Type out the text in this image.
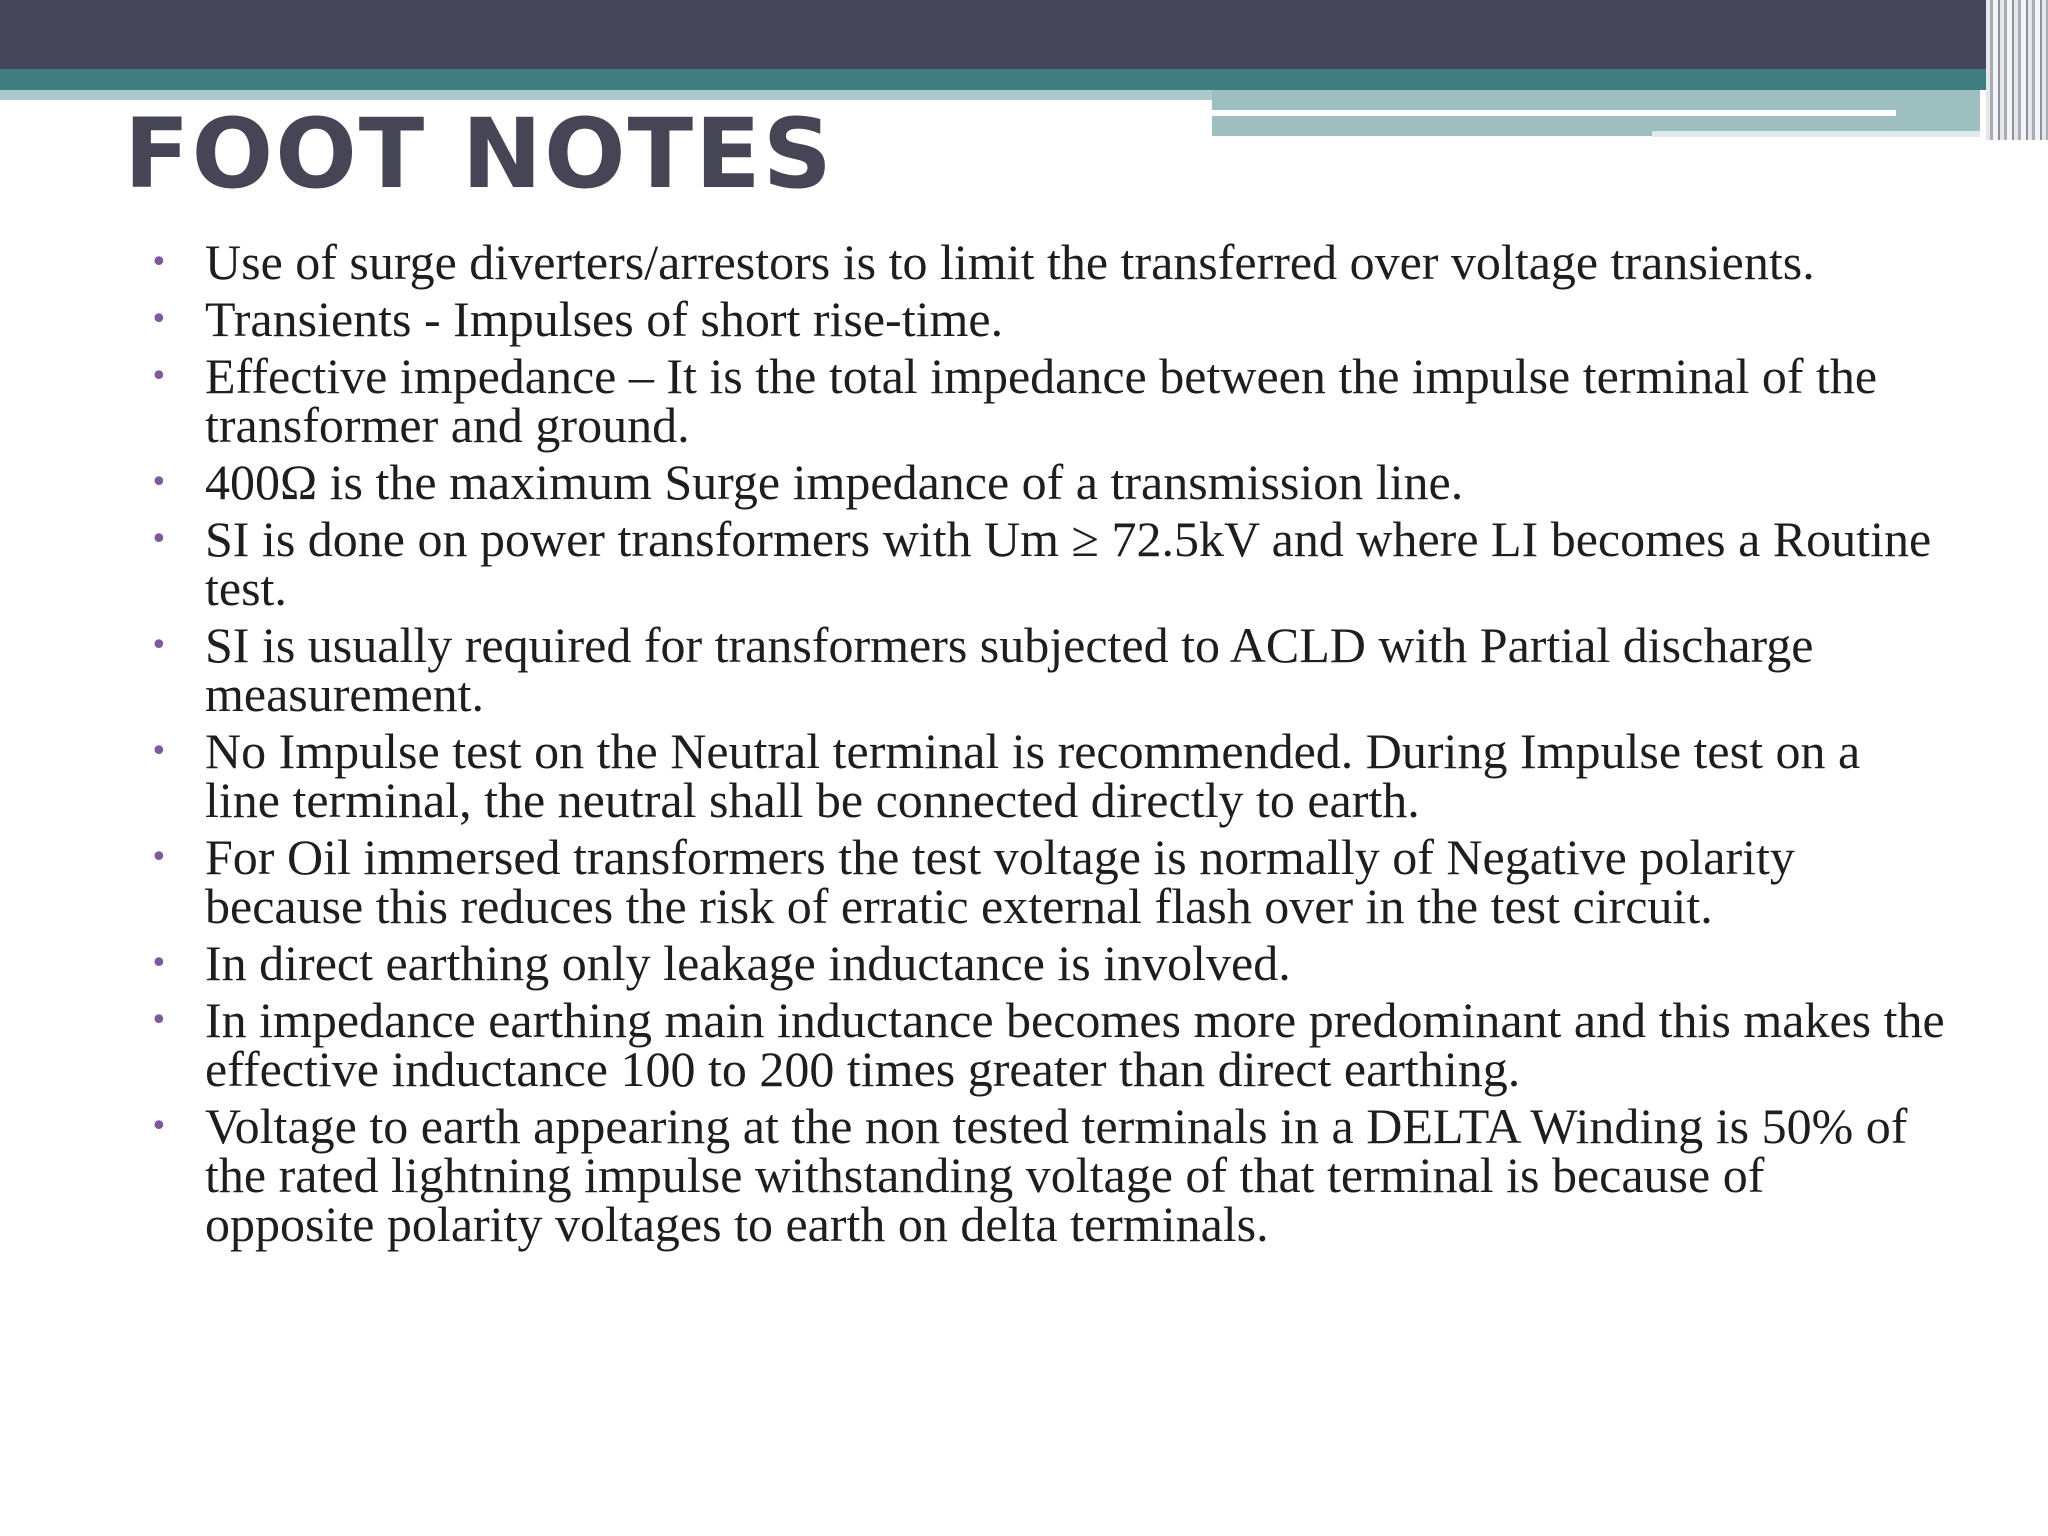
FOOT NOTES
• Use of surge diverters/arrestors is to limit the transferred over voltage transients.
• Transients - Impulses of short rise-time.
• Effective impedance – It is the total impedance between the impulse terminal of the transformer and ground.
• 400Ω is the maximum Surge impedance of a transmission line.
• SI is done on power transformers with Um ≥ 72.5kV and where LI becomes a Routine test.
• SI is usually required for transformers subjected to ACLD with Partial discharge measurement.
• No Impulse test on the Neutral terminal is recommended. During Impulse test on a line terminal, the neutral shall be connected directly to earth.
• For Oil immersed transformers the test voltage is normally of Negative polarity because this reduces the risk of erratic external flash over in the test circuit.
• In direct earthing only leakage inductance is involved.
• In impedance earthing main inductance becomes more predominant and this makes the effective inductance 100 to 200 times greater than direct earthing.
• Voltage to earth appearing at the non tested terminals in a DELTA Winding is 50% of the rated lightning impulse withstanding voltage of that terminal is because of opposite polarity voltages to earth on delta terminals.
